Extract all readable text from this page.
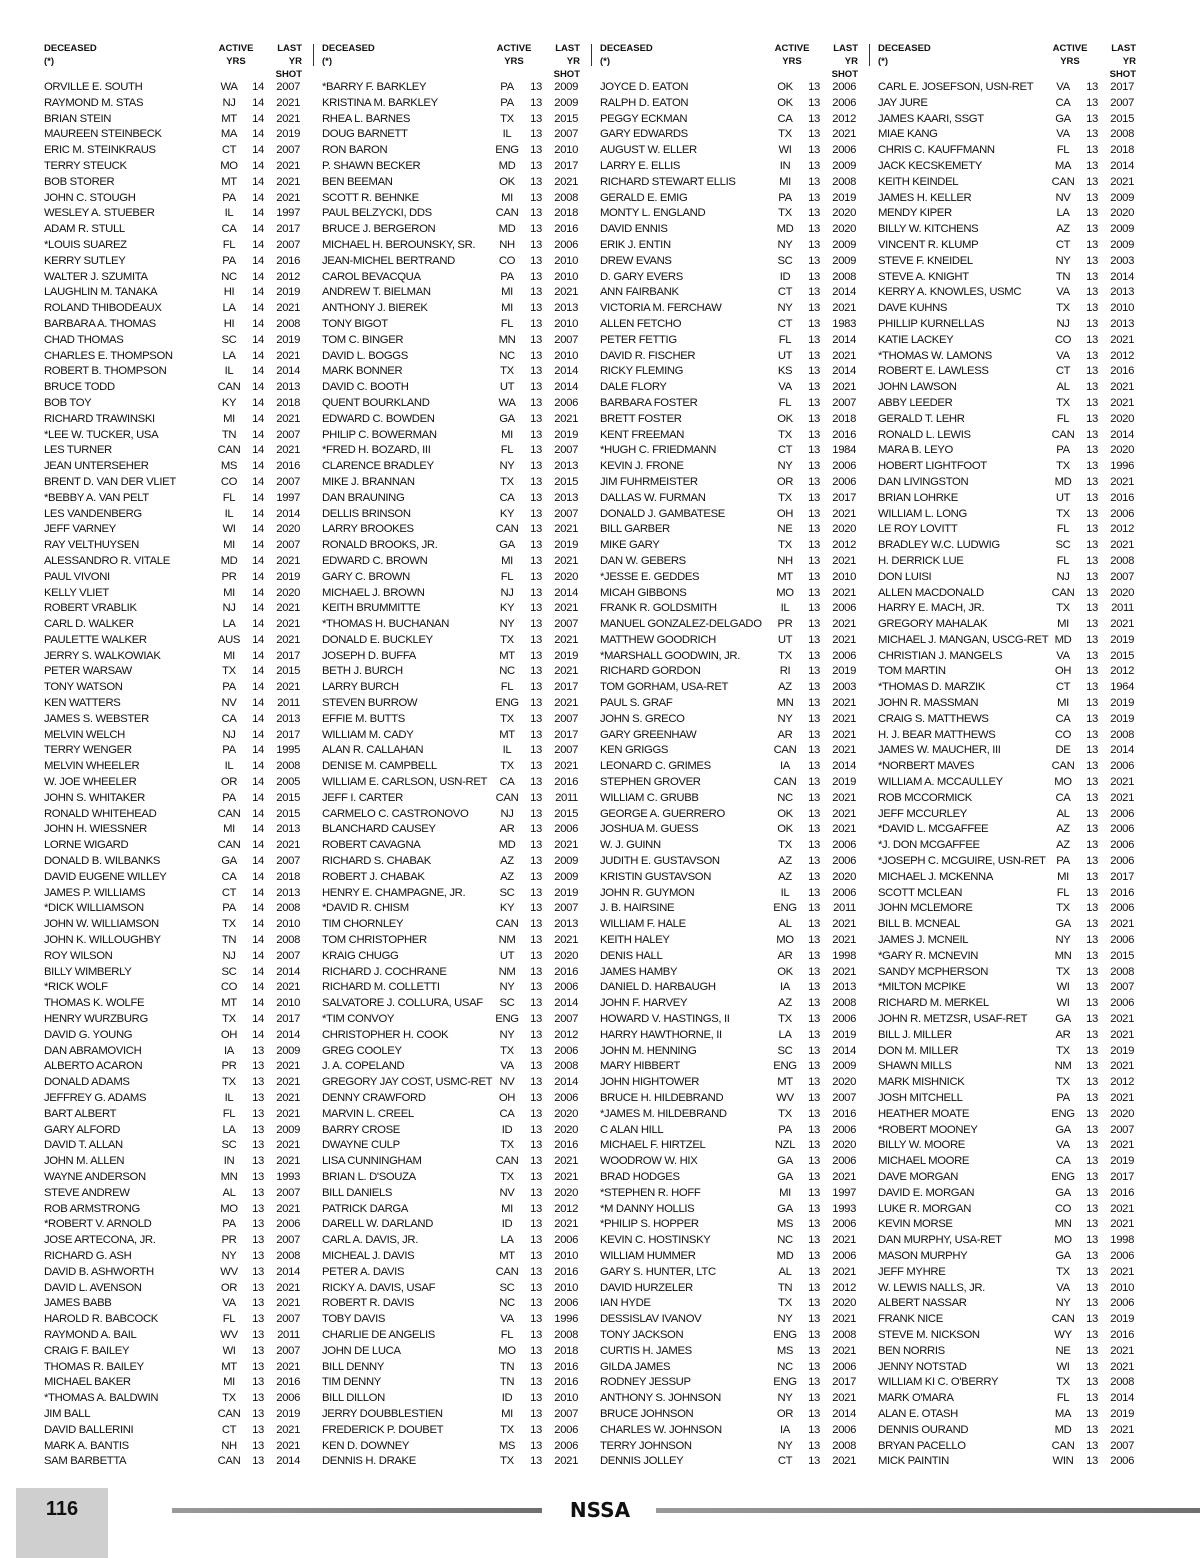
DECEASED
(*)
ACTIVE
YRS
LAST YR
SHOT
ORVILLE E. SOUTH	WA	14	2007
RAYMOND M. STAS	NJ	14	2021
BRIAN STEIN	MT	14	2021
MAUREEN STEINBECK	MA	14	2019
ERIC M. STEINKRAUS	CT	14	2007
TERRY STEUCK	MO	14	2021
BOB STORER	MT	14	2021
JOHN C. STOUGH	PA	14	2021
WESLEY A. STUEBER	IL	14	1997
ADAM R. STULL	CA	14	2017
*LOUIS SUAREZ	FL	14	2007
KERRY SUTLEY	PA	14	2016
WALTER J. SZUMITA	NC	14	2012
LAUGHLIN M. TANAKA	HI	14	2019
ROLAND THIBODEAUX	LA	14	2021
BARBARA A. THOMAS	HI	14	2008
CHAD THOMAS	SC	14	2019
CHARLES E. THOMPSON	LA	14	2021
ROBERT B. THOMPSON	IL	14	2014
BRUCE TODD	CAN	14	2013
BOB TOY	KY	14	2018
RICHARD TRAWINSKI	MI	14	2021
*LEE W. TUCKER, USA	TN	14	2007
LES TURNER	CAN	14	2021
JEAN UNTERSEHER	MS	14	2016
BRENT D. VAN DER VLIET	CO	14	2007
*BEBBY A. VAN PELT	FL	14	1997
LES VANDENBERG	IL	14	2014
JEFF VARNEY	WI	14	2020
RAY VELTHUYSEN	MI	14	2007
ALESSANDRO R. VITALE	MD	14	2021
PAUL VIVONI	PR	14	2019
KELLY VLIET	MI	14	2020
ROBERT VRABLIK	NJ	14	2021
CARL D. WALKER	LA	14	2021
PAULETTE WALKER	AUS	14	2021
JERRY S. WALKOWIAK	MI	14	2017
PETER WARSAW	TX	14	2015
TONY WATSON	PA	14	2021
KEN WATTERS	NV	14	2011
JAMES S. WEBSTER	CA	14	2013
MELVIN WELCH	NJ	14	2017
TERRY WENGER	PA	14	1995
MELVIN WHEELER	IL	14	2008
W. JOE WHEELER	OR	14	2005
JOHN S. WHITAKER	PA	14	2015
RONALD WHITEHEAD	CAN	14	2015
JOHN H. WIESSNER	MI	14	2013
LORNE WIGARD	CAN	14	2021
DONALD B. WILBANKS	GA	14	2007
DAVID EUGENE WILLEY	CA	14	2018
JAMES P. WILLIAMS	CT	14	2013
*DICK WILLIAMSON	PA	14	2008
JOHN W. WILLIAMSON	TX	14	2010
JOHN K. WILLOUGHBY	TN	14	2008
ROY WILSON	NJ	14	2007
BILLY WIMBERLY	SC	14	2014
*RICK WOLF	CO	14	2021
THOMAS K. WOLFE	MT	14	2010
HENRY WURZBURG	TX	14	2017
DAVID G. YOUNG	OH	14	2014
DAN ABRAMOVICH	IA	13	2009
ALBERTO ACARON	PR	13	2021
DONALD ADAMS	TX	13	2021
JEFFREY G. ADAMS	IL	13	2021
BART ALBERT	FL	13	2021
GARY ALFORD	LA	13	2009
DAVID T. ALLAN	SC	13	2021
JOHN M. ALLEN	IN	13	2021
WAYNE ANDERSON	MN	13	1993
STEVE ANDREW	AL	13	2007
ROB ARMSTRONG	MO	13	2021
*ROBERT V. ARNOLD	PA	13	2006
JOSE ARTECONA, JR.	PR	13	2007
RICHARD G. ASH	NY	13	2008
DAVID B. ASHWORTH	WV	13	2014
DAVID L. AVENSON	OR	13	2021
JAMES BABB	VA	13	2021
HAROLD R. BABCOCK	FL	13	2007
RAYMOND A. BAIL	WV	13	2011
CRAIG F. BAILEY	WI	13	2007
THOMAS R. BAILEY	MT	13	2021
MICHAEL BAKER	MI	13	2016
*THOMAS A. BALDWIN	TX	13	2006
JIM BALL	CAN	13	2019
DAVID BALLERINI	CT	13	2021
MARK A. BANTIS	NH	13	2021
SAM BARBETTA	CAN	13	2014
DECEASED
(*)
ACTIVE
YRS
LAST YR
SHOT
*BARRY F. BARKLEY	PA	13	2009
KRISTINA M. BARKLEY	PA	13	2009
RHEA L. BARNES	TX	13	2015
DOUG BARNETT	IL	13	2007
RON BARON	ENG	13	2010
P. SHAWN BECKER	MD	13	2017
BEN BEEMAN	OK	13	2021
SCOTT R. BEHNKE	MI	13	2008
PAUL BELZYCKI, DDS	CAN	13	2018
BRUCE J. BERGERON	MD	13	2016
MICHAEL H. BEROUNSKY, SR.	NH	13	2006
JEAN-MICHEL BERTRAND	CO	13	2010
CAROL BEVACQUA	PA	13	2010
ANDREW T. BIELMAN	MI	13	2021
ANTHONY J. BIEREK	MI	13	2013
TONY BIGOT	FL	13	2010
TOM C. BINGER	MN	13	2007
DAVID L. BOGGS	NC	13	2010
MARK BONNER	TX	13	2014
DAVID C. BOOTH	UT	13	2014
QUENT BOURKLAND	WA	13	2006
EDWARD C. BOWDEN	GA	13	2021
PHILIP C. BOWERMAN	MI	13	2019
*FRED H. BOZARD, III	FL	13	2007
CLARENCE BRADLEY	NY	13	2013
MIKE J. BRANNAN	TX	13	2015
DAN BRAUNING	CA	13	2013
DELLIS BRINSON	KY	13	2007
LARRY BROOKES	CAN	13	2021
RONALD BROOKS, JR.	GA	13	2019
EDWARD C. BROWN	MI	13	2021
GARY C. BROWN	FL	13	2020
MICHAEL J. BROWN	NJ	13	2014
KEITH BRUMMITTE	KY	13	2021
*THOMAS H. BUCHANAN	NY	13	2007
DONALD E. BUCKLEY	TX	13	2021
JOSEPH D. BUFFA	MT	13	2019
BETH J. BURCH	NC	13	2021
LARRY BURCH	FL	13	2017
STEVEN BURROW	ENG	13	2021
EFFIE M. BUTTS	TX	13	2007
WILLIAM M. CADY	MT	13	2017
ALAN R. CALLAHAN	IL	13	2007
DENISE M. CAMPBELL	TX	13	2021
WILLIAM E. CARLSON, USN-RET	CA	13	2016
JEFF I. CARTER	CAN	13	2011
CARMELO C. CASTRONOVO	NJ	13	2015
BLANCHARD CAUSEY	AR	13	2006
ROBERT CAVAGNA	MD	13	2021
RICHARD S. CHABAK	AZ	13	2009
ROBERT J. CHABAK	AZ	13	2009
HENRY E. CHAMPAGNE, JR.	SC	13	2019
*DAVID R. CHISM	KY	13	2007
TIM CHORNLEY	CAN	13	2013
TOM CHRISTOPHER	NM	13	2021
KRAIG CHUGG	UT	13	2020
RICHARD J. COCHRANE	NM	13	2016
RICHARD M. COLLETTI	NY	13	2006
SALVATORE J. COLLURA, USAF	SC	13	2014
*TIM CONVOY	ENG	13	2007
CHRISTOPHER H. COOK	NY	13	2012
GREG COOLEY	TX	13	2006
J. A. COPELAND	VA	13	2008
GREGORY JAY COST, USMC-RET NV	13	2014
DENNY CRAWFORD	OH	13	2006
MARVIN L. CREEL	CA	13	2020
BARRY CROSE	ID	13	2020
DWAYNE CULP	TX	13	2016
LISA CUNNINGHAM	CAN	13	2021
BRIAN L. D'SOUZA	TX	13	2021
BILL DANIELS	NV	13	2020
PATRICK DARGA	MI	13	2012
DARELL W. DARLAND	ID	13	2021
CARL A. DAVIS, JR.	LA	13	2006
MICHEAL J. DAVIS	MT	13	2010
PETER A. DAVIS	CAN	13	2016
RICKY A. DAVIS, USAF	SC	13	2010
ROBERT R. DAVIS	NC	13	2006
TOBY DAVIS	VA	13	1996
CHARLIE DE ANGELIS	FL	13	2008
JOHN DE LUCA	MO	13	2018
BILL DENNY	TN	13	2016
TIM DENNY	TN	13	2016
BILL DILLON	ID	13	2010
JERRY DOUBBLESTIEN	MI	13	2007
FREDERICK P. DOUBET	TX	13	2006
KEN D. DOWNEY	MS	13	2006
DENNIS H. DRAKE	TX	13	2021
DECEASED
(*)
ACTIVE
YRS
LAST YR
SHOT
JOYCE D. EATON	OK	13	2006
RALPH D. EATON	OK	13	2006
PEGGY ECKMAN	CA	13	2012
GARY EDWARDS	TX	13	2021
AUGUST W. ELLER	WI	13	2006
LARRY E. ELLIS	IN	13	2009
RICHARD STEWART ELLIS	MI	13	2008
GERALD E. EMIG	PA	13	2019
MONTY L. ENGLAND	TX	13	2020
DAVID ENNIS	MD	13	2020
ERIK J. ENTIN	NY	13	2009
DREW EVANS	SC	13	2009
D. GARY EVERS	ID	13	2008
ANN FAIRBANK	CT	13	2014
VICTORIA M. FERCHAW	NY	13	2021
ALLEN FETCHO	CT	13	1983
PETER FETTIG	FL	13	2014
DAVID R. FISCHER	UT	13	2021
RICKY FLEMING	KS	13	2014
DALE FLORY	VA	13	2021
BARBARA FOSTER	FL	13	2007
BRETT FOSTER	OK	13	2018
KENT FREEMAN	TX	13	2016
*HUGH C. FRIEDMANN	CT	13	1984
KEVIN J. FRONE	NY	13	2006
JIM FUHRMEISTER	OR	13	2006
DALLAS W. FURMAN	TX	13	2017
DONALD J. GAMBATESE	OH	13	2021
BILL GARBER	NE	13	2020
MIKE GARY	TX	13	2012
DAN W. GEBERS	NH	13	2021
*JESSE E. GEDDES	MT	13	2010
MICAH GIBBONS	MO	13	2021
FRANK R. GOLDSMITH	IL	13	2006
MANUEL GONZALEZ-DELGADO	PR	13	2021
MATTHEW GOODRICH	UT	13	2021
*MARSHALL GOODWIN, JR.	TX	13	2006
RICHARD GORDON	RI	13	2019
TOM GORHAM, USA-RET	AZ	13	2003
PAUL S. GRAF	MN	13	2021
JOHN S. GRECO	NY	13	2021
GARY GREENHAW	AR	13	2021
KEN GRIGGS	CAN	13	2021
LEONARD C. GRIMES	IA	13	2014
STEPHEN GROVER	CAN	13	2019
WILLIAM C. GRUBB	NC	13	2021
GEORGE A. GUERRERO	OK	13	2021
JOSHUA M. GUESS	OK	13	2021
W. J. GUINN	TX	13	2006
JUDITH E. GUSTAVSON	AZ	13	2006
KRISTIN GUSTAVSON	AZ	13	2020
JOHN R. GUYMON	IL	13	2006
J. B. HAIRSINE	ENG	13	2011
WILLIAM F. HALE	AL	13	2021
KEITH HALEY	MO	13	2021
DENIS HALL	AR	13	1998
JAMES HAMBY	OK	13	2021
DANIEL D. HARBAUGH	IA	13	2013
JOHN F. HARVEY	AZ	13	2008
HOWARD V. HASTINGS, II	TX	13	2006
HARRY HAWTHORNE, II	LA	13	2019
JOHN M. HENNING	SC	13	2014
MARY HIBBERT	ENG	13	2009
JOHN HIGHTOWER	MT	13	2020
BRUCE H. HILDEBRAND	WV	13	2007
*JAMES M. HILDEBRAND	TX	13	2016
C ALAN HILL	PA	13	2006
MICHAEL F. HIRTZEL	NZL	13	2020
WOODROW W. HIX	GA	13	2006
BRAD HODGES	GA	13	2021
*STEPHEN R. HOFF	MI	13	1997
*M DANNY HOLLIS	GA	13	1993
*PHILIP S. HOPPER	MS	13	2006
KEVIN C. HOSTINSKY	NC	13	2021
WILLIAM HUMMER	MD	13	2006
GARY S. HUNTER, LTC	AL	13	2021
DAVID HURZELER	TN	13	2012
IAN HYDE	TX	13	2020
DESSISLAV IVANOV	NY	13	2021
TONY JACKSON	ENG	13	2008
CURTIS H. JAMES	MS	13	2021
GILDA JAMES	NC	13	2006
RODNEY JESSUP	ENG	13	2017
ANTHONY S. JOHNSON	NY	13	2021
BRUCE JOHNSON	OR	13	2014
CHARLES W. JOHNSON	IA	13	2006
TERRY JOHNSON	NY	13	2008
DENNIS JOLLEY	CT	13	2021
DECEASED
(*)
ACTIVE
YRS
LAST YR
SHOT
CARL E. JOSEFSON, USN-RET	VA	13	2017
JAY JURE	CA	13	2007
JAMES KAARI, SSGT	GA	13	2015
MIAE KANG	VA	13	2008
CHRIS C. KAUFFMANN	FL	13	2018
JACK KECSKEMETY	MA	13	2014
KEITH KEINDEL	CAN	13	2021
JAMES H. KELLER	NV	13	2009
MENDY KIPER	LA	13	2020
BILLY W. KITCHENS	AZ	13	2009
VINCENT R. KLUMP	CT	13	2009
STEVE F. KNEIDEL	NY	13	2003
STEVE A. KNIGHT	TN	13	2014
KERRY A. KNOWLES, USMC	VA	13	2013
DAVE KUHNS	TX	13	2010
PHILLIP KURNELLAS	NJ	13	2013
KATIE LACKEY	CO	13	2021
*THOMAS W. LAMONS	VA	13	2012
ROBERT E. LAWLESS	CT	13	2016
JOHN LAWSON	AL	13	2021
ABBY LEEDER	TX	13	2021
GERALD T. LEHR	FL	13	2020
RONALD L. LEWIS	CAN	13	2014
MARA B. LEYO	PA	13	2020
HOBERT LIGHTFOOT	TX	13	1996
DAN LIVINGSTON	MD	13	2021
BRIAN LOHRKE	UT	13	2016
WILLIAM L. LONG	TX	13	2006
LE ROY LOVITT	FL	13	2012
BRADLEY W.C. LUDWIG	SC	13	2021
H. DERRICK LUE	FL	13	2008
DON LUISI	NJ	13	2007
ALLEN MACDONALD	CAN	13	2020
HARRY E. MACH, JR.	TX	13	2011
GREGORY MAHALAK	MI	13	2021
MICHAEL J. MANGAN, USCG-RET MD	13	2019
CHRISTIAN J. MANGELS	VA	13	2015
TOM MARTIN	OH	13	2012
*THOMAS D. MARZIK	CT	13	1964
JOHN R. MASSMAN	MI	13	2019
CRAIG S. MATTHEWS	CA	13	2019
H. J. BEAR MATTHEWS	CO	13	2008
JAMES W. MAUCHER, III	DE	13	2014
*NORBERT MAVES	CAN	13	2006
WILLIAM A. MCCAULLEY	MO	13	2021
ROB MCCORMICK	CA	13	2021
JEFF MCCURLEY	AL	13	2006
*DAVID L. MCGAFFEE	AZ	13	2006
*J. DON MCGAFFEE	AZ	13	2006
*JOSEPH C. MCGUIRE, USN-RET PA	13	2006
MICHAEL J. MCKENNA	MI	13	2017
SCOTT MCLEAN	FL	13	2016
JOHN MCLEMORE	TX	13	2006
BILL B. MCNEAL	GA	13	2021
JAMES J. MCNEIL	NY	13	2006
*GARY R. MCNEVIN	MN	13	2015
SANDY MCPHERSON	TX	13	2008
*MILTON MCPIKE	WI	13	2007
RICHARD M. MERKEL	WI	13	2006
JOHN R. METZSR, USAF-RET	GA	13	2021
BILL J. MILLER	AR	13	2021
DON M. MILLER	TX	13	2019
SHAWN MILLS	NM	13	2021
MARK MISHNICK	TX	13	2012
JOSH MITCHELL	PA	13	2021
HEATHER MOATE	ENG	13	2020
*ROBERT MOONEY	GA	13	2007
BILLY W. MOORE	VA	13	2021
MICHAEL MOORE	CA	13	2019
DAVE MORGAN	ENG	13	2017
DAVID E. MORGAN	GA	13	2016
LUKE R. MORGAN	CO	13	2021
KEVIN MORSE	MN	13	2021
DAN MURPHY, USA-RET	MO	13	1998
MASON MURPHY	GA	13	2006
JEFF MYHRE	TX	13	2021
W. LEWIS NALLS, JR.	VA	13	2010
ALBERT NASSAR	NY	13	2006
FRANK NICE	CAN	13	2019
STEVE M. NICKSON	WY	13	2016
BEN NORRIS	NE	13	2021
JENNY NOTSTAD	WI	13	2021
WILLIAM KI C. O'BERRY	TX	13	2008
MARK O'MARA	FL	13	2014
ALAN E. OTASH	MA	13	2019
DENNIS OURAND	MD	13	2021
BRYAN PACELLO	CAN	13	2007
MICK PAINTIN	WIN	13	2006
116	NSSA
